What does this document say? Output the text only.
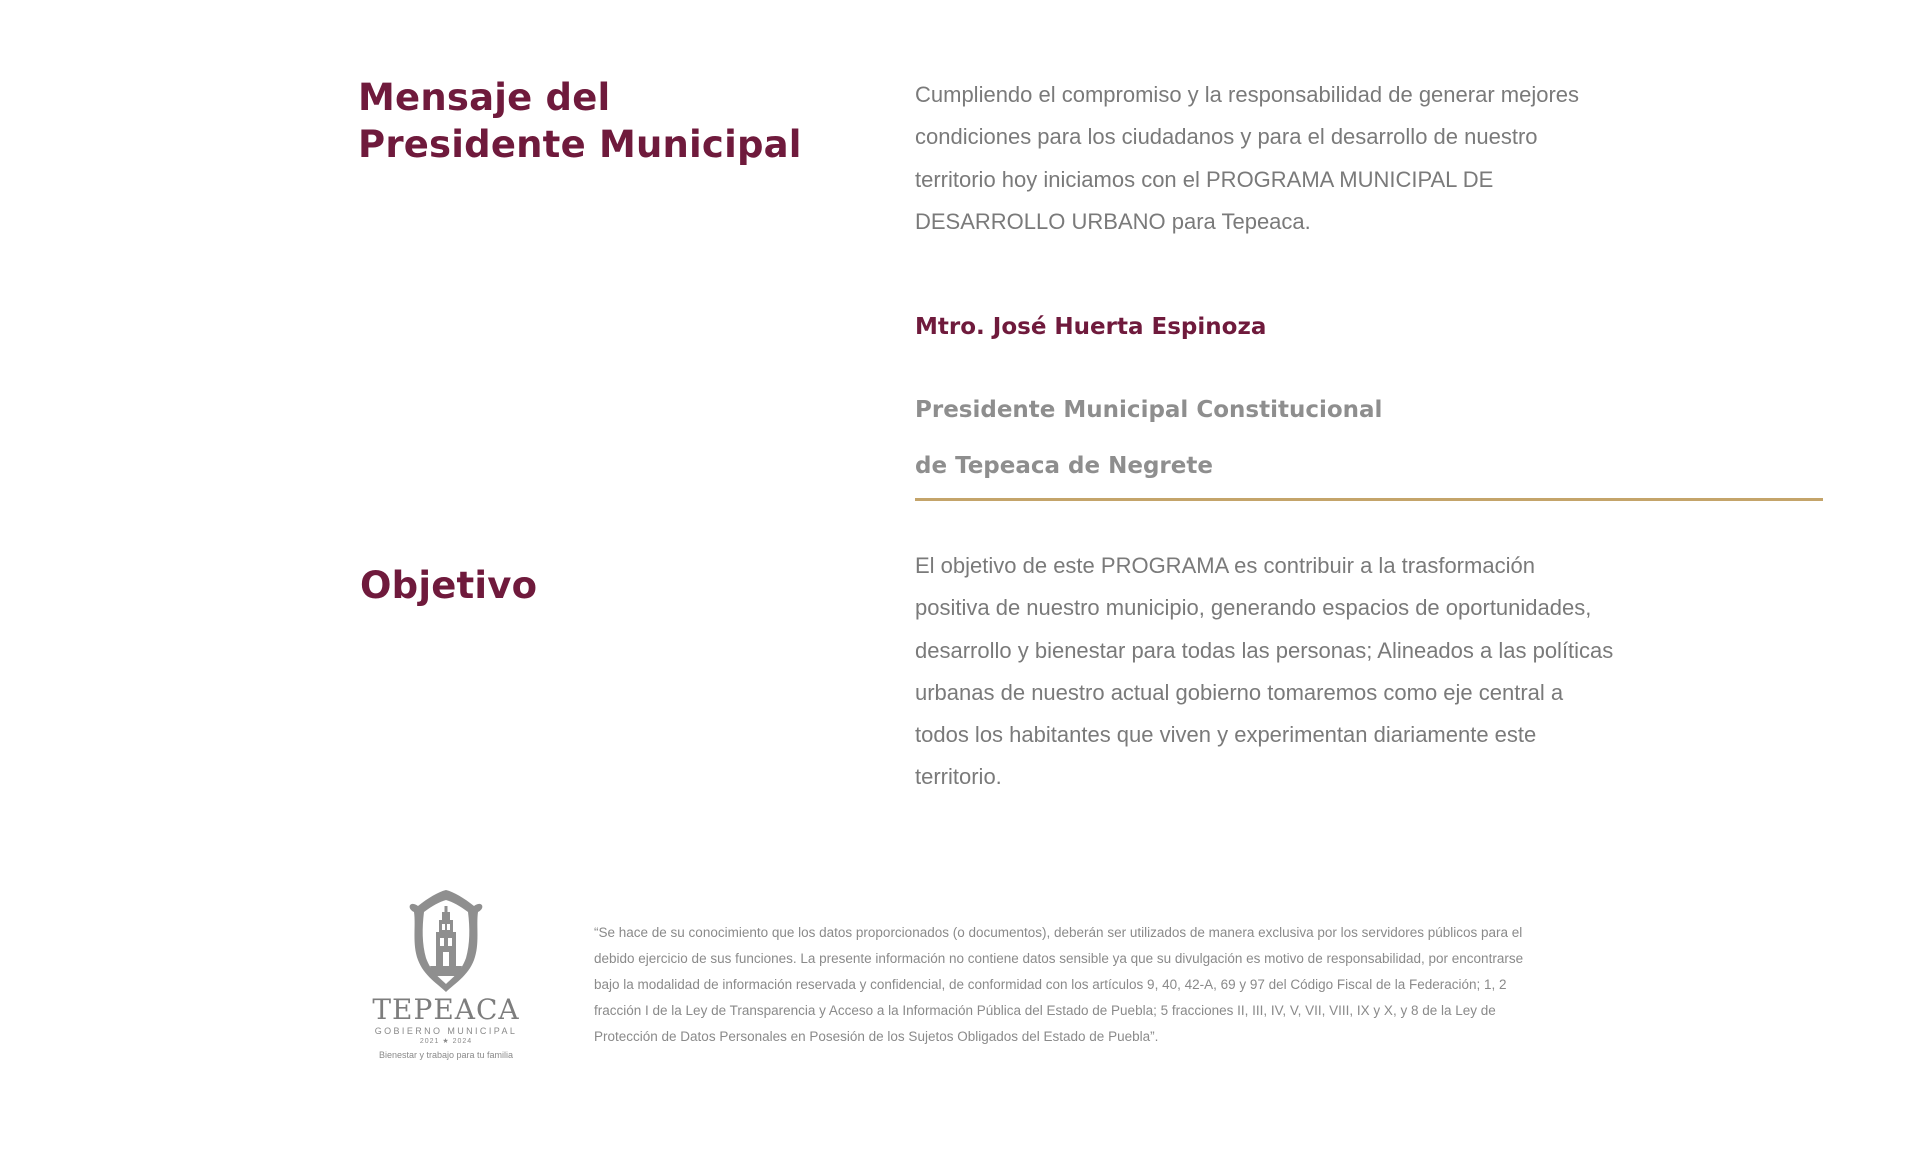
Mensaje del
Presidente Municipal

Cumpliendo el compromiso y la responsabilidad de generar mejores condiciones para los ciudadanos y para el desarrollo de nuestro territorio hoy iniciamos con el PROGRAMA MUNICIPAL DE DESARROLLO URBANO para Tepeaca.

Mtro. José Huerta Espinoza

Presidente Municipal Constitucional

de Tepeaca de Negrete

Objetivo	El objetivo de este PROGRAMA es contribuir a la trasformación positiva de nuestro municipio, generando espacios de oportunidades, desarrollo y bienestar para todas las personas; Alineados a las políticas urbanas de nuestro actual gobierno tomaremos como eje central a todos los habitantes que viven y experimentan diariamente este territorio.

TEPEACA
GOBIERNO MUNICIPAL
2021 ★ 2024
Bienestar y trabajo para tu familia

“Se hace de su conocimiento que los datos proporcionados (o documentos), deberán ser utilizados de manera exclusiva por los servidores públicos para el debido ejercicio de sus funciones. La presente información no contiene datos sensible ya que su divulgación es motivo de responsabilidad, por encontrarse bajo la modalidad de información reservada y confidencial, de conformidad con los artículos 9, 40, 42-A, 69 y 97 del Código Fiscal de la Federación; 1, 2 fracción I de la Ley de Transparencia y Acceso a la Información Pública del Estado de Puebla; 5 fracciones II, III, IV, V, VII, VIII, IX y X, y 8 de la Ley de Protección de Datos Personales en Posesión de los Sujetos Obligados del Estado de Puebla”.
